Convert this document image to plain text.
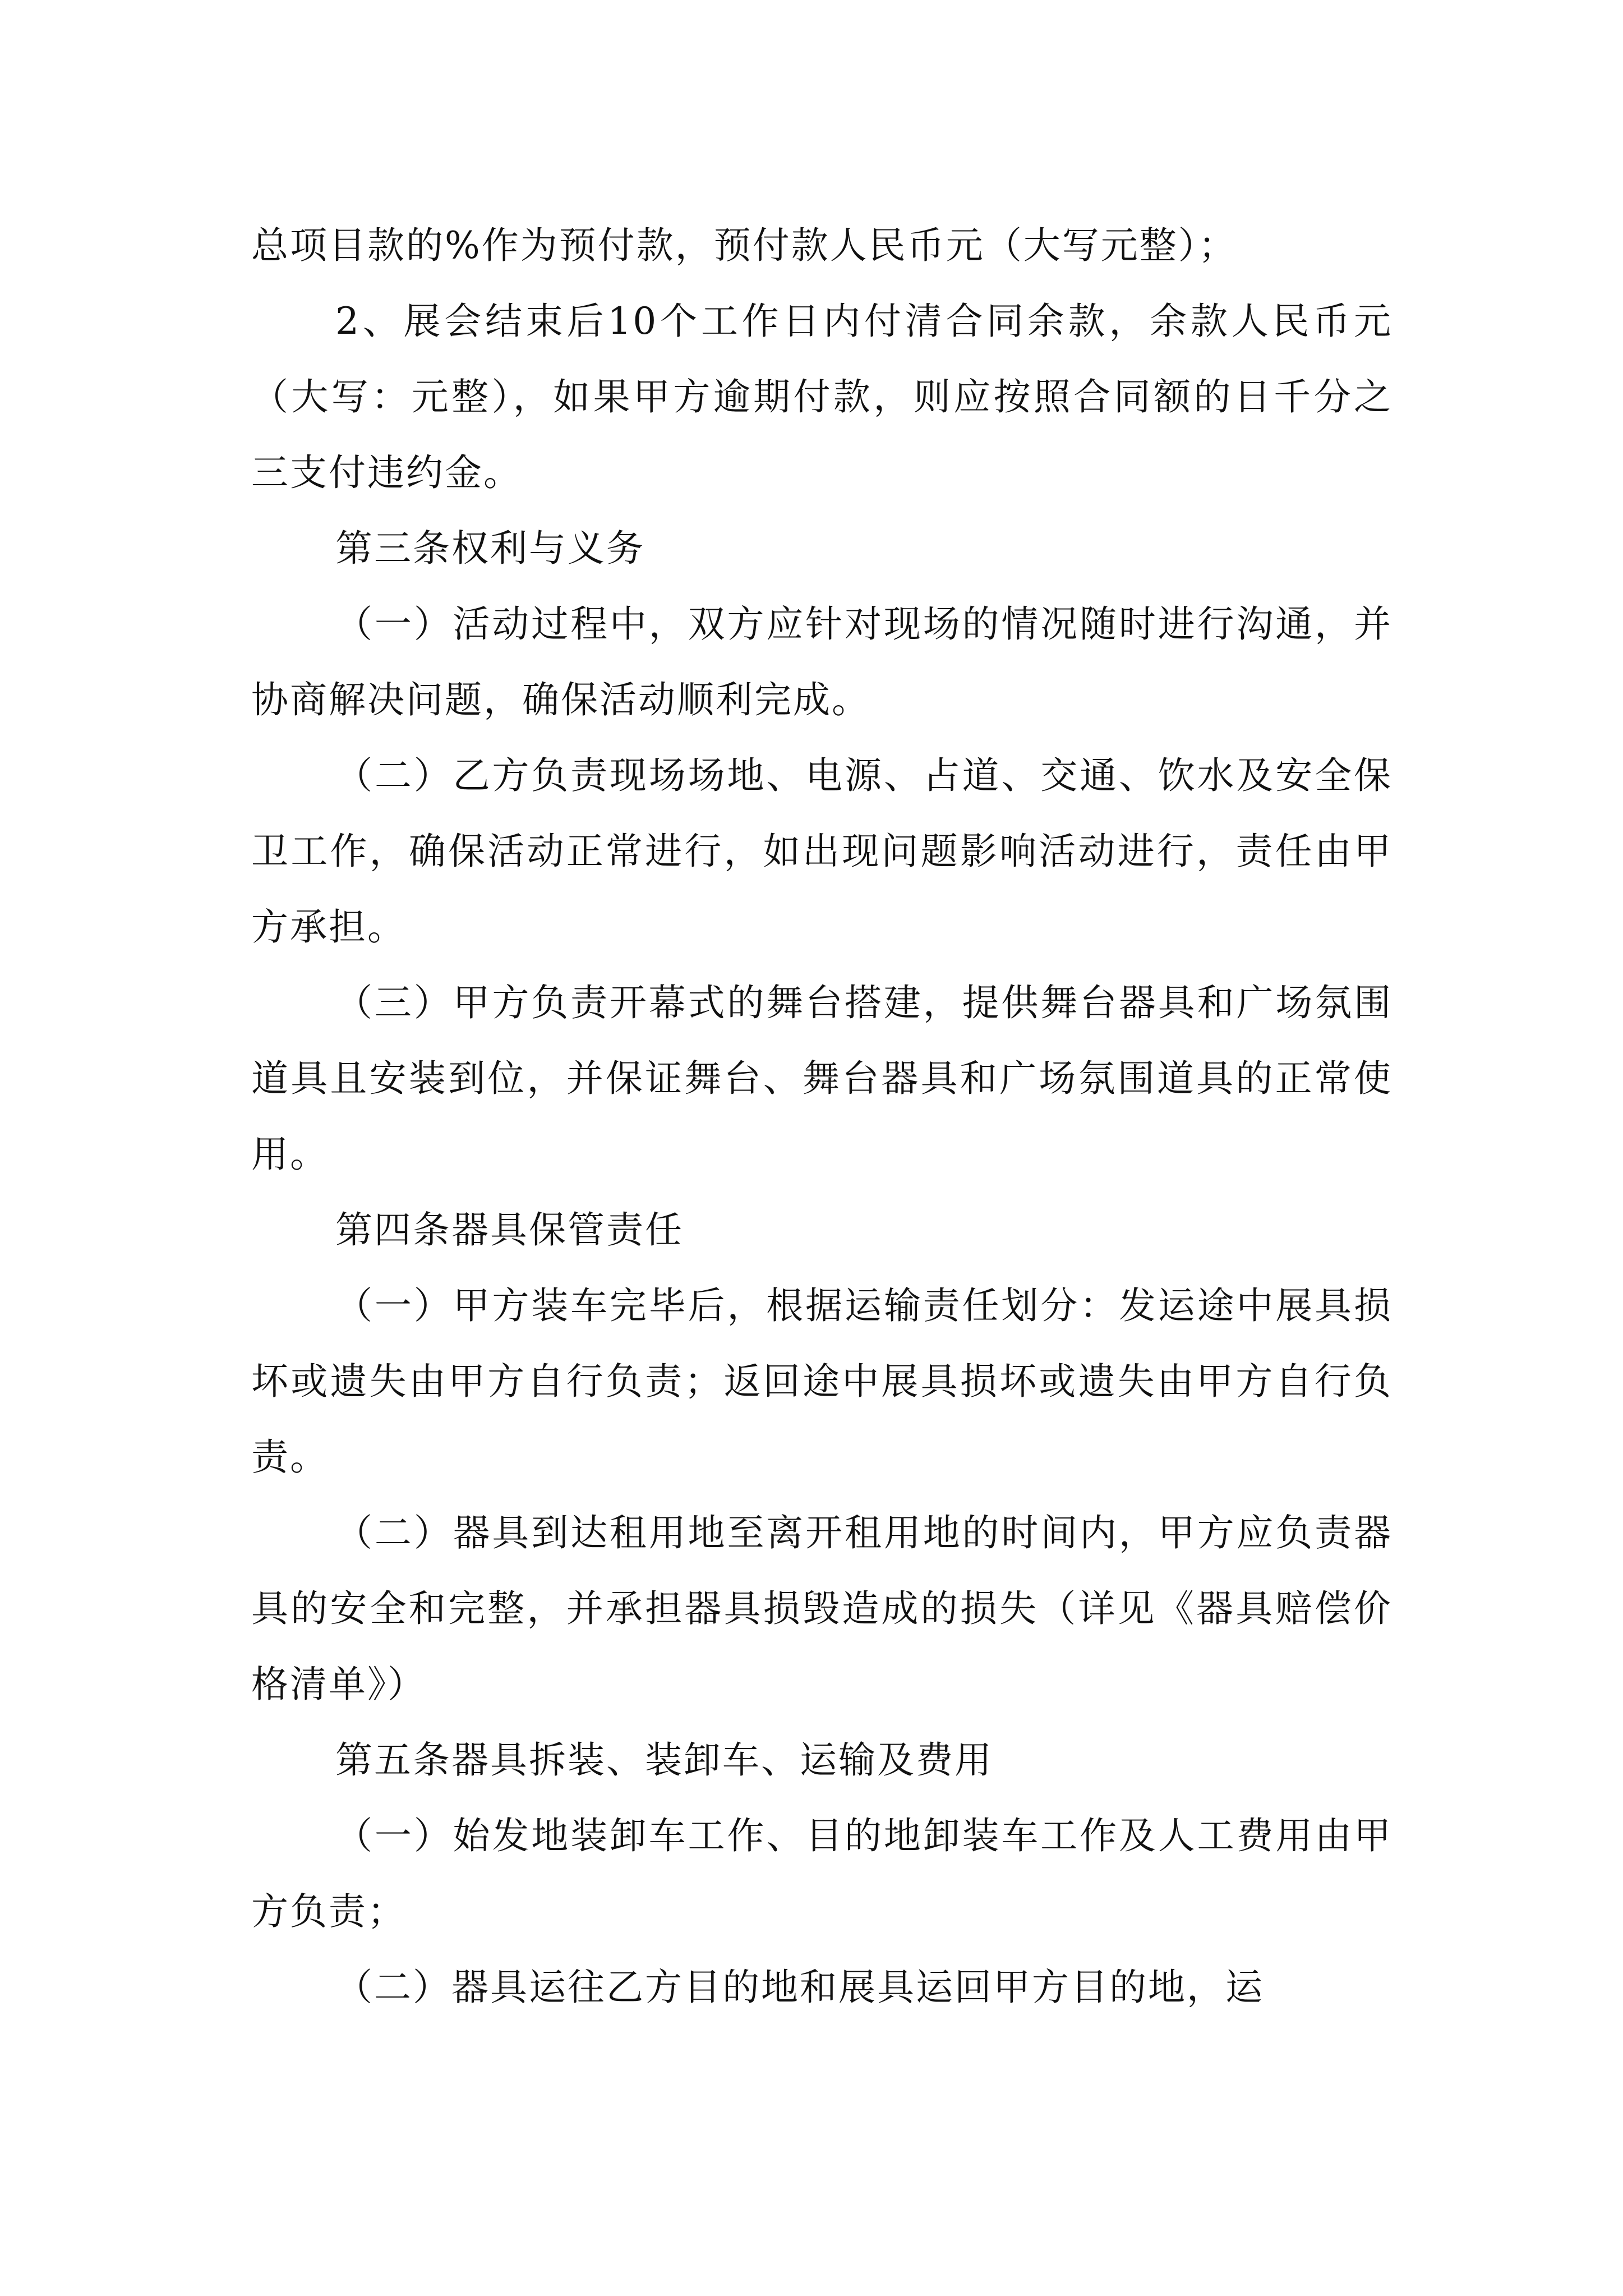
总项目款的%作为预付款，预付款人民币元（大写元整）；

2、展会结束后10个工作日内付清合同余款，余款人民币元（大写：元整），如果甲方逾期付款，则应按照合同额的日千分之三支付违约金。

第三条权利与义务

（一）活动过程中，双方应针对现场的情况随时进行沟通，并协商解决问题，确保活动顺利完成。

（二）乙方负责现场场地、电源、占道、交通、饮水及安全保卫工作，确保活动正常进行，如出现问题影响活动进行，责任由甲方承担。

（三）甲方负责开幕式的舞台搭建，提供舞台器具和广场氛围道具且安装到位，并保证舞台、舞台器具和广场氛围道具的正常使用。

第四条器具保管责任

（一）甲方装车完毕后，根据运输责任划分：发运途中展具损坏或遗失由甲方自行负责；返回途中展具损坏或遗失由甲方自行负责。

（二）器具到达租用地至离开租用地的时间内，甲方应负责器具的安全和完整，并承担器具损毁造成的损失（详见《器具赔偿价格清单》）

第五条器具拆装、装卸车、运输及费用

（一）始发地装卸车工作、目的地卸装车工作及人工费用由甲方负责；

（二）器具运往乙方目的地和展具运回甲方目的地，运
